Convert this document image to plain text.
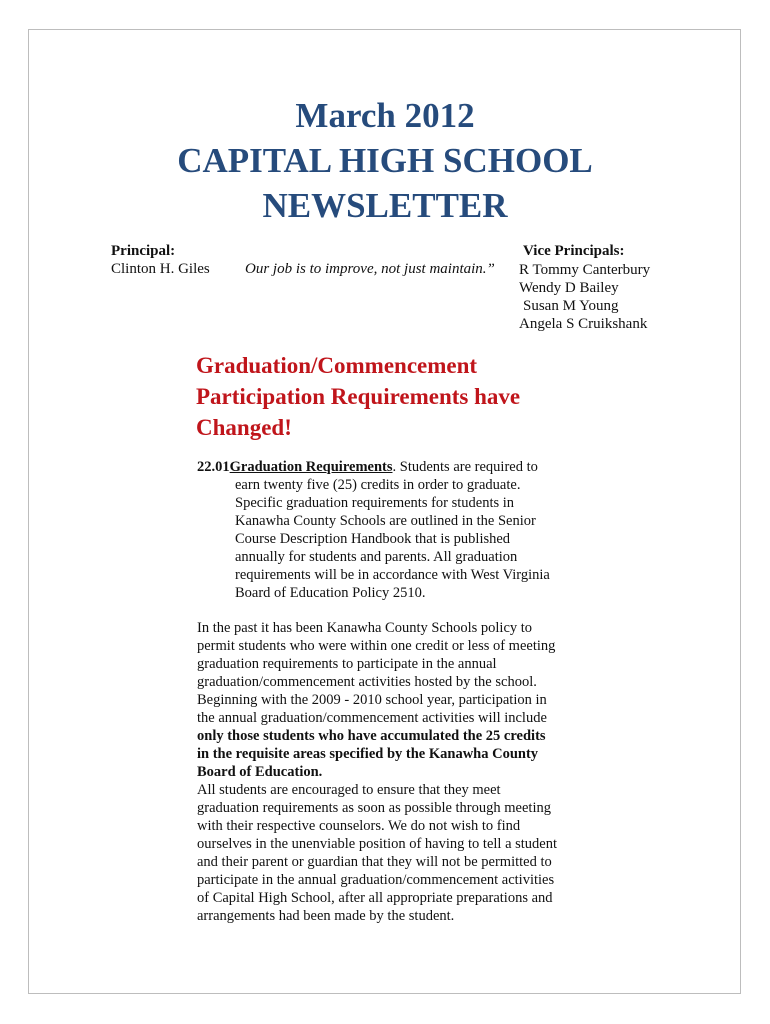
March 2012
CAPITAL HIGH SCHOOL
NEWSLETTER
Principal:
Clinton H. Giles Our job is to improve, not just maintain.”
Vice Principals:
R Tommy Canterbury
Wendy D Bailey
Susan M Young
Angela S Cruikshank
Graduation/Commencement
Participation Requirements have
Changed!
22.01Graduation Requirements. Students are required to
earn twenty five (25) credits in order to graduate.
Specific graduation requirements for students in
Kanawha County Schools are outlined in the Senior
Course Description Handbook that is published
annually for students and parents. All graduation
requirements will be in accordance with West Virginia
Board of Education Policy 2510.
In the past it has been Kanawha County Schools policy to
permit students who were within one credit or less of meeting
graduation requirements to participate in the annual
graduation/commencement activities hosted by the school.
Beginning with the 2009 - 2010 school year, participation in
the annual graduation/commencement activities will include
only those students who have accumulated the 25 credits
in the requisite areas specified by the Kanawha County
Board of Education.
All students are encouraged to ensure that they meet
graduation requirements as soon as possible through meeting
with their respective counselors. We do not wish to find
ourselves in the unenviable position of having to tell a student
and their parent or guardian that they will not be permitted to
participate in the annual graduation/commencement activities
of Capital High School, after all appropriate preparations and
arrangements had been made by the student.
